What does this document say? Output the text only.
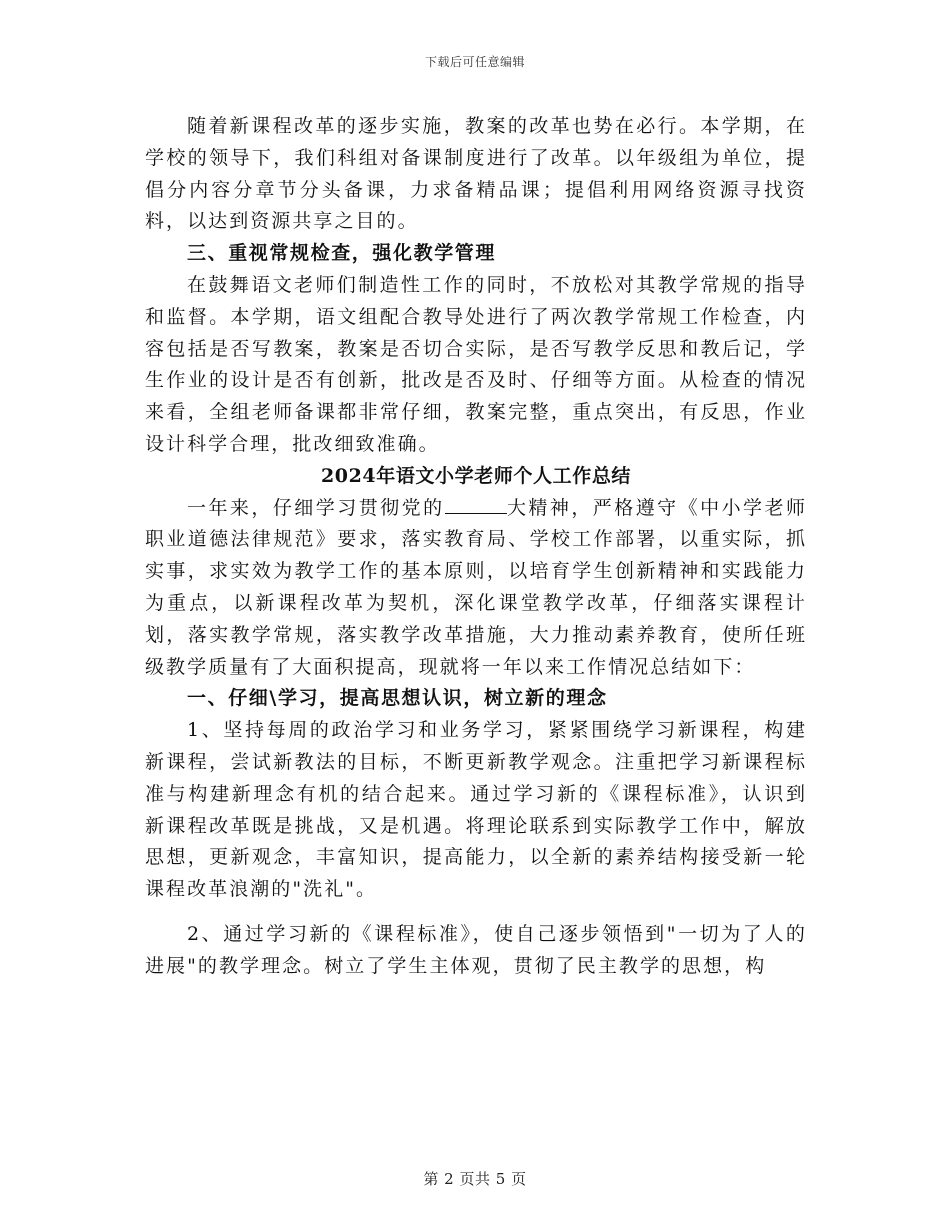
下载后可任意编辑

随着新课程改革的逐步实施，教案的改革也势在必行。本学期，在学校的领导下，我们科组对备课制度进行了改革。以年级组为单位，提倡分内容分章节分头备课，力求备精品课；提倡利用网络资源寻找资料，以达到资源共享之目的。

三、重视常规检查，强化教学管理

在鼓舞语文老师们制造性工作的同时，不放松对其教学常规的指导和监督。本学期，语文组配合教导处进行了两次教学常规工作检查，内容包括是否写教案，教案是否切合实际，是否写教学反思和教后记，学生作业的设计是否有创新，批改是否及时、仔细等方面。从检查的情况来看，全组老师备课都非常仔细，教案完整，重点突出，有反思，作业设计科学合理，批改细致准确。

2024年语文小学老师个人工作总结

一年来，仔细学习贯彻党的	大精神，严格遵守《中小学老师职业道德法律规范》要求，落实教育局、学校工作部署，以重实际，抓实事，求实效为教学工作的基本原则，以培育学生创新精神和实践能力为重点，以新课程改革为契机，深化课堂教学改革，仔细落实课程计划，落实教学常规，落实教学改革措施，大力推动素养教育，使所任班级教学质量有了大面积提高，现就将一年以来工作情况总结如下：

一、仔细\学习，提高思想认识，树立新的理念

1、坚持每周的政治学习和业务学习，紧紧围绕学习新课程，构建新课程，尝试新教法的目标，不断更新教学观念。注重把学习新课程标准与构建新理念有机的结合起来。通过学习新的《课程标准》，认识到新课程改革既是挑战，又是机遇。将理论联系到实际教学工作中，解放思想，更新观念，丰富知识，提高能力，以全新的素养结构接受新一轮课程改革浪潮的"洗礼"。

2、通过学习新的《课程标准》，使自己逐步领悟到"一切为了人的进展"的教学理念。树立了学生主体观，贯彻了民主教学的思想，构

第 2 页共 5 页
